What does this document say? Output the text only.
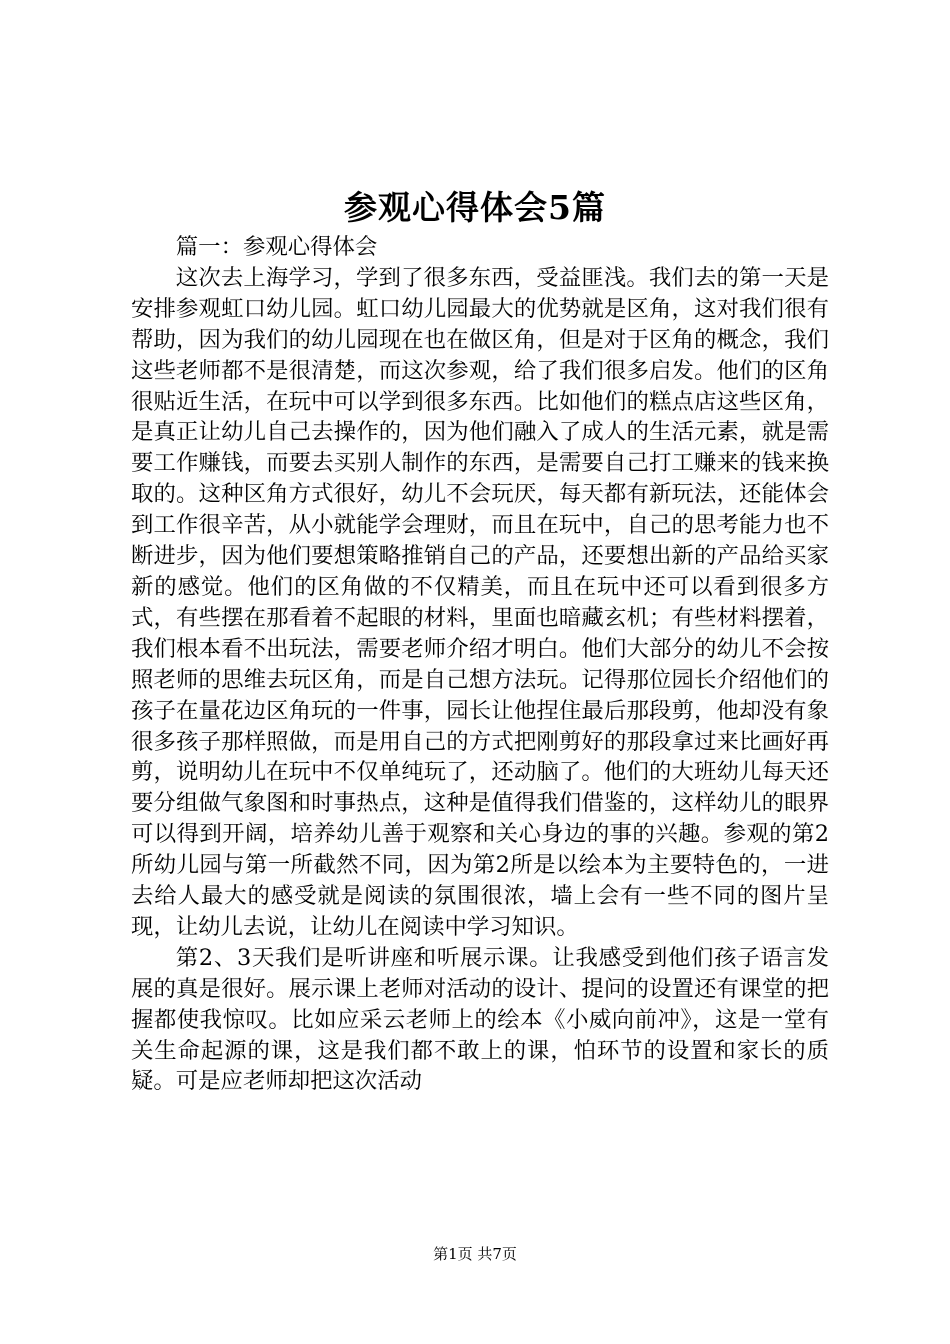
参观心得体会5篇

篇一：参观心得体会

这次去上海学习，学到了很多东西，受益匪浅。我们去的第一天是安排参观虹口幼儿园。虹口幼儿园最大的优势就是区角，这对我们很有帮助，因为我们的幼儿园现在也在做区角，但是对于区角的概念，我们这些老师都不是很清楚，而这次参观，给了我们很多启发。他们的区角很贴近生活，在玩中可以学到很多东西。比如他们的糕点店这些区角，是真正让幼儿自己去操作的，因为他们融入了成人的生活元素，就是需要工作赚钱，而要去买别人制作的东西，是需要自己打工赚来的钱来换取的。这种区角方式很好，幼儿不会玩厌，每天都有新玩法，还能体会到工作很辛苦，从小就能学会理财，而且在玩中，自己的思考能力也不断进步，因为他们要想策略推销自己的产品，还要想出新的产品给买家新的感觉。他们的区角做的不仅精美，而且在玩中还可以看到很多方式，有些摆在那看着不起眼的材料，里面也暗藏玄机；有些材料摆着，我们根本看不出玩法，需要老师介绍才明白。他们大部分的幼儿不会按照老师的思维去玩区角，而是自己想方法玩。记得那位园长介绍他们的孩子在量花边区角玩的一件事，园长让他捏住最后那段剪，他却没有象很多孩子那样照做，而是用自己的方式把刚剪好的那段拿过来比画好再剪，说明幼儿在玩中不仅单纯玩了，还动脑了。他们的大班幼儿每天还要分组做气象图和时事热点，这种是值得我们借鉴的，这样幼儿的眼界可以得到开阔，培养幼儿善于观察和关心身边的事的兴趣。参观的第2所幼儿园与第一所截然不同，因为第2所是以绘本为主要特色的，一进去给人最大的感受就是阅读的氛围很浓，墙上会有一些不同的图片呈现，让幼儿去说，让幼儿在阅读中学习知识。

第2、3天我们是听讲座和听展示课。让我感受到他们孩子语言发展的真是很好。展示课上老师对活动的设计、提问的设置还有课堂的把握都使我惊叹。比如应采云老师上的绘本《小威向前冲》，这是一堂有关生命起源的课，这是我们都不敢上的课，怕环节的设置和家长的质疑。可是应老师却把这次活动

第1页 共7页
